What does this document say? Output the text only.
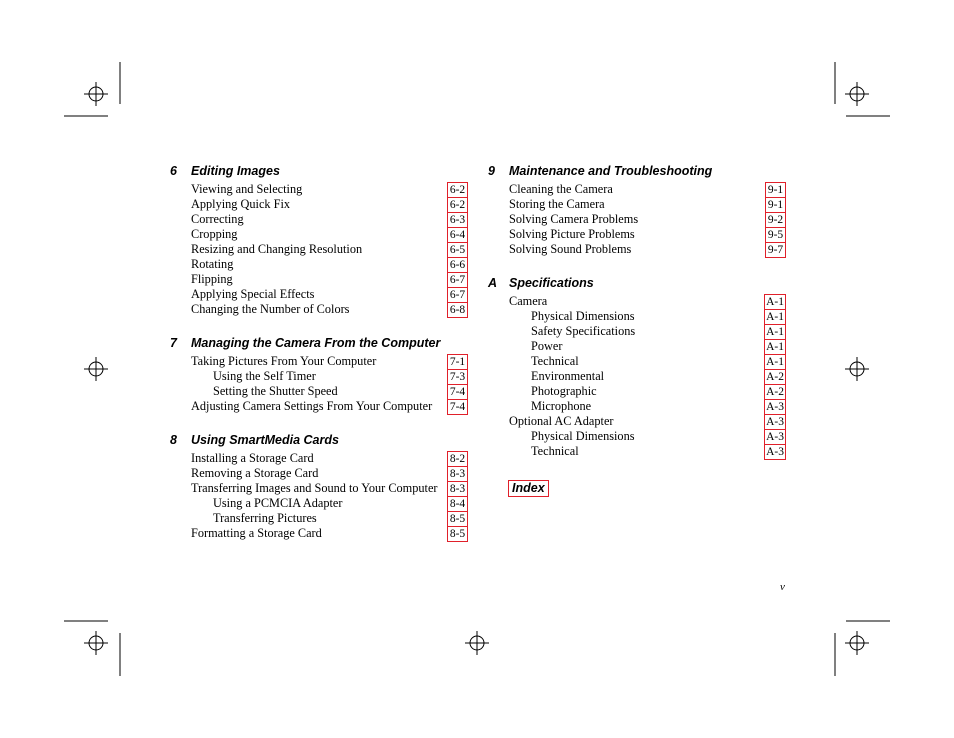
6 Editing Images
Viewing and Selecting	6-2
Applying Quick Fix	6-2
Correcting	6-3
Cropping	6-4
Resizing and Changing Resolution	6-5
Rotating	6-6
Flipping	6-7
Applying Special Effects	6-7
Changing the Number of Colors	6-8
7 Managing the Camera From the Computer
Taking Pictures From Your Computer	7-1
Using the Self Timer	7-3
Setting the Shutter Speed	7-4
Adjusting Camera Settings From Your Computer 7-4
8 Using SmartMedia Cards
Installing a Storage Card	8-2
Removing a Storage Card	8-3
Transferring Images and Sound to Your Computer 8-3
Using a PCMCIA Adapter	8-4
Transferring Pictures	8-5
Formatting a Storage Card	8-5
9 Maintenance and Troubleshooting
Cleaning the Camera	9-1
Storing the Camera	9-1
Solving Camera Problems	9-2
Solving Picture Problems	9-5
Solving Sound Problems	9-7
A Specifications
Camera	A-1
Physical Dimensions	A-1
Safety Specifications	A-1
Power	A-1
Technical	A-1
Environmental	A-2
Photographic	A-2
Microphone	A-3
Optional AC Adapter	A-3
Physical Dimensions	A-3
Technical	A-3
Index
v
